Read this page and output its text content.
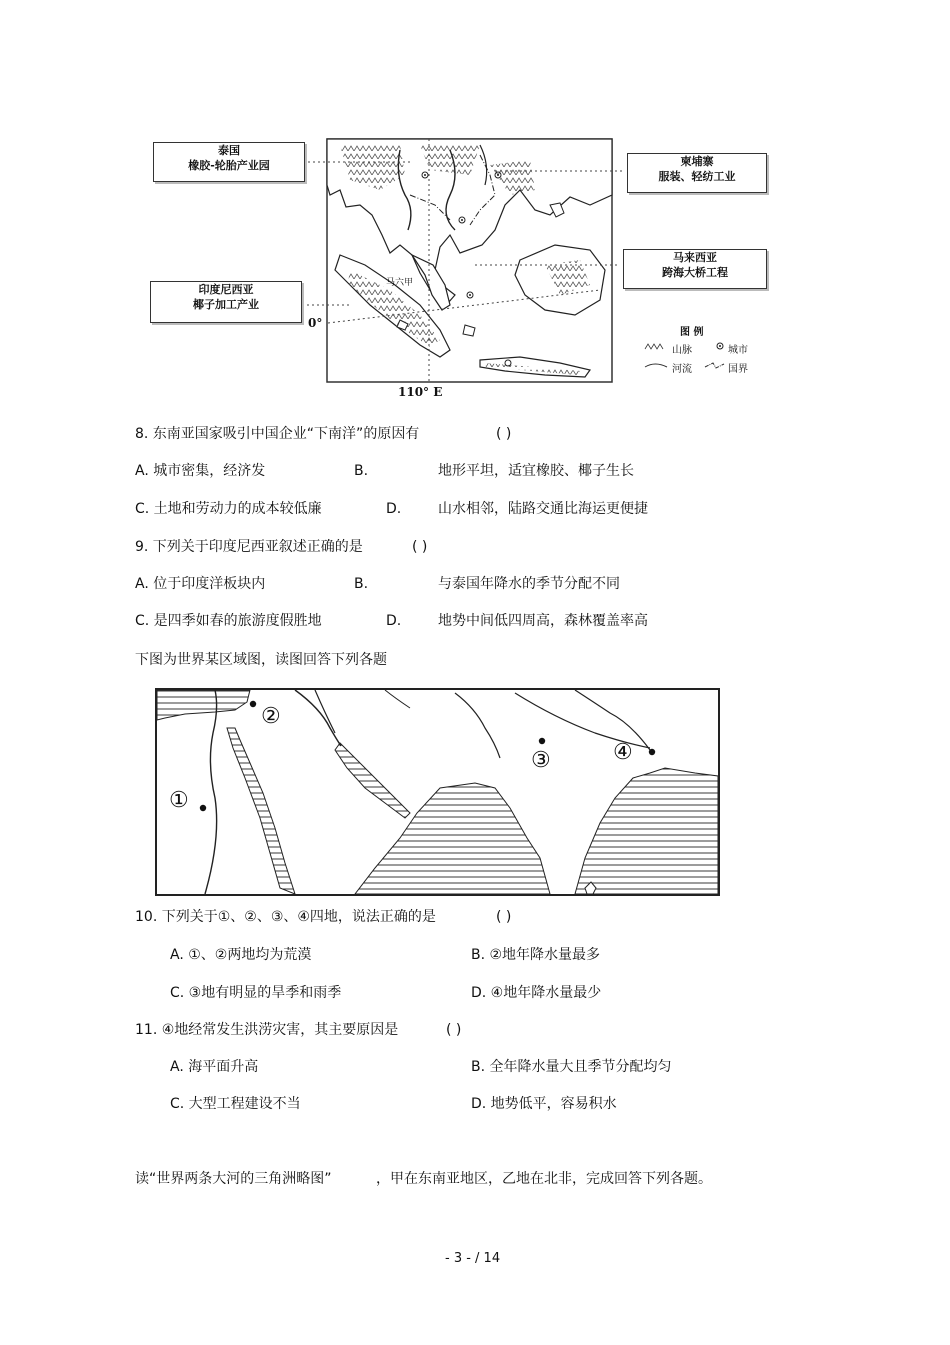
泰国
橡胶-轮胎产业园	柬埔寨
服装、轻纺工业
马来西亚
跨海大桥工程
印度尼西亚
椰子加工产业
0°
110° E
马六甲
图 例
山脉	城市
河流	国界
8. 东南亚国家吸引中国企业“下南洋”的原因有	( )
A. 城市密集，经济发	B.	地形平坦，适宜橡胶、椰子生长
C. 土地和劳动力的成本较低廉	D.	山水相邻，陆路交通比海运更便捷
9. 下列关于印度尼西亚叙述正确的是	( )
A. 位于印度洋板块内	B.	与泰国年降水的季节分配不同
C. 是四季如春的旅游度假胜地	D.	地势中间低四周高，森林覆盖率高
下图为世界某区域图，读图回答下列各题
①
②
③	④
10. 下列关于①、②、③、④四地，说法正确的是	( )
A. ①、②两地均为荒漠	B. ②地年降水量最多
C. ③地有明显的旱季和雨季	D. ④地年降水量最少
11. ④地经常发生洪涝灾害，其主要原因是	( )
A. 海平面升高	B. 全年降水量大且季节分配均匀
C. 大型工程建设不当	D. 地势低平，容易积水
读“世界两条大河的三角洲略图”	，甲在东南亚地区，乙地在北非，完成回答下列各题。
- 3 - / 14
